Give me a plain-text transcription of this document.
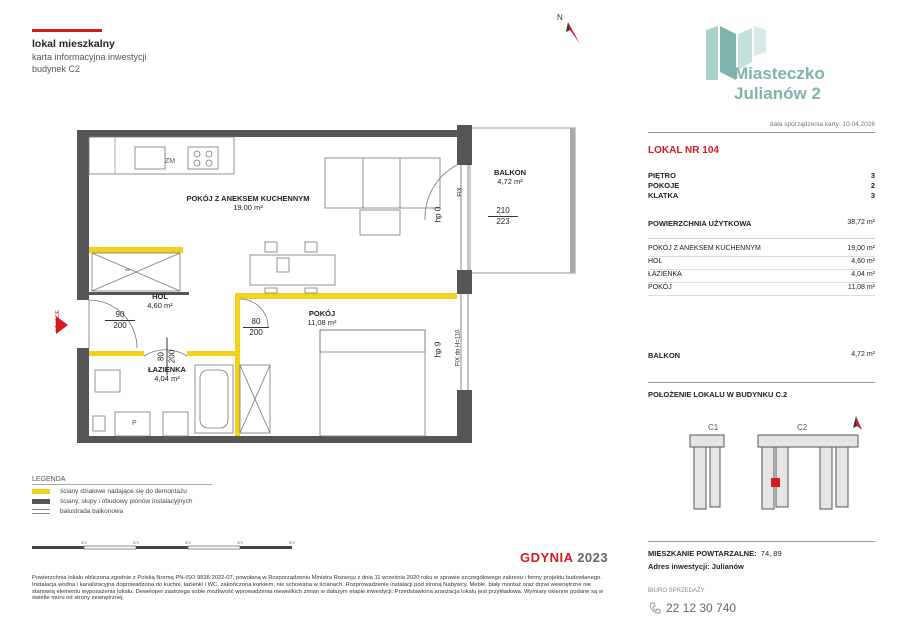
lokal mieszkalny
karta informacyjna inwestycji
budynek C2
N
Miasteczko
Julianów 2
data sporządzenia karty: 10.04.2026
LOKAL NR 104
PIĘTRO	3
POKOJE	2
KLATKA	3
POWIERZCHNIA UŻYTKOWA	38,72 m²
POKÓJ Z ANEKSEM KUCHENNYM	19,00 m²
HOL	4,60 m²
ŁAZIENKA	4,04 m²
POKÓJ	11,08 m²
BALKON	4,72 m²
POŁOŻENIE LOKALU W BUDYNKU C.2
C1	C2
MIESZKANIE POWTARZALNE: 74, 89
Adres inwestycji: Julianów
BIURO SPRZEDAŻY
22 12 30 740
ZM
P
POKÓJ Z ANEKSEM KUCHENNYM
19,00 m²
BALKON
4,72 m²
HOL
4,60 m²
POKÓJ
11,08 m²
ŁAZIENKA
4,04 m²
210
223
90
200	80
200
80 200
hp 0
hp 9
FIX
FIX do H=110
WEJŚCIE
LEGENDA
ściany działowe nadające się do demontażu
ściany, słupy i obudowy pionów instalacyjnych
balustrada balkonowa
1m	2m	3m	4m	5m
GDYNIA 2023
Powierzchnia lokalu obliczona zgodnie z Polską Normą PN-ISO 9836:2022-07, powołaną w Rozporządzeniu Ministra Rozwoju z dnia 11 września 2020 roku w sprawie szczegółowego zakresu i formy projektu budowlanego. Instalacja wodna i kanalizacyjna doprowadzona do kuchni, łazienki i WC, zakończona korkiem, nie schowana w ścianach. Rozprowadzenie instalacji pod stroną Nabywcy. Meble, biały montaż oraz drzwi wewnętrzne nie stanowią elementu wyposażenia lokalu. Deweloper zastrzega sobie możliwość wprowadzenia niewielkich zmian w dalszym etapie inwestycji. Przedstawiona aranżacja lokalu jest przykładowa. Wymiary okienne podane są w świetle muru od strony zewnętrznej.
